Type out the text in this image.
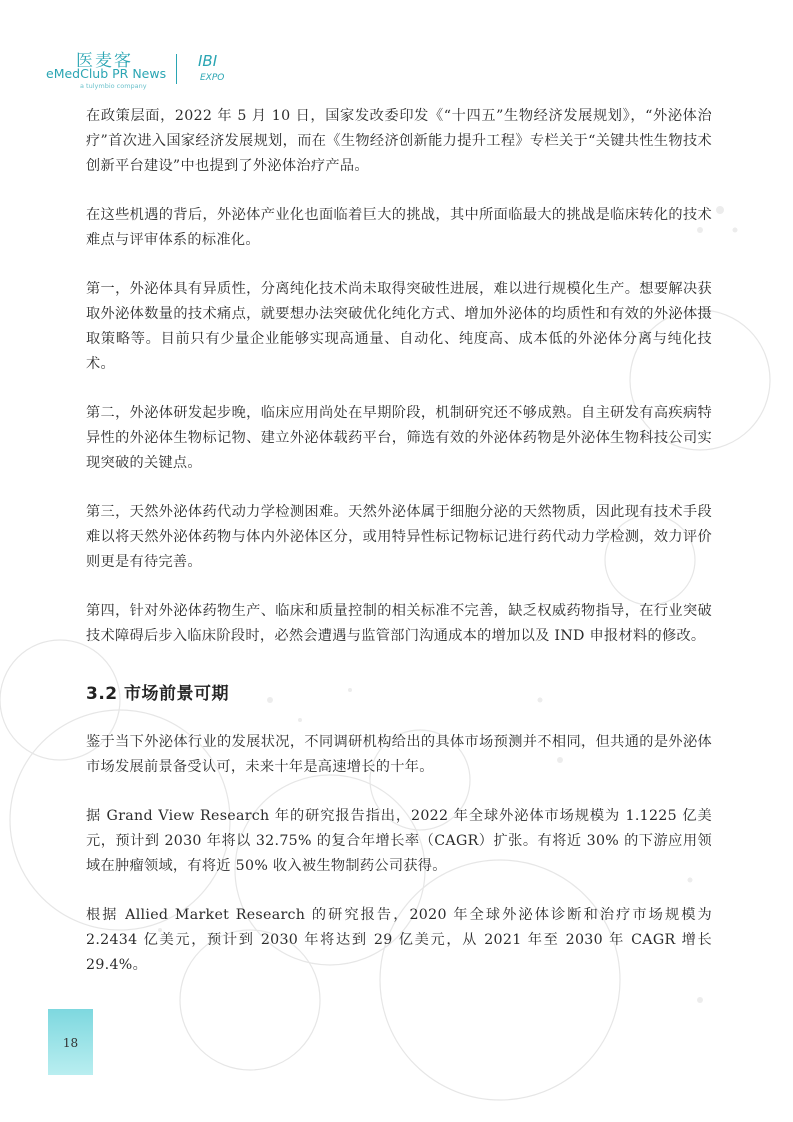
医麦客
eMedClub PR News
a tulymbio company
IBI
EXPO

在政策层面，2022 年 5 月 10 日，国家发改委印发《“十四五”生物经济发展规划》，“外泌体治疗”首次进入国家经济发展规划，而在《生物经济创新能力提升工程》专栏关于“关键共性生物技术创新平台建设”中也提到了外泌体治疗产品。

在这些机遇的背后，外泌体产业化也面临着巨大的挑战，其中所面临最大的挑战是临床转化的技术难点与评审体系的标准化。

第一，外泌体具有异质性，分离纯化技术尚未取得突破性进展，难以进行规模化生产。想要解决获取外泌体数量的技术痛点，就要想办法突破优化纯化方式、增加外泌体的均质性和有效的外泌体摄取策略等。目前只有少量企业能够实现高通量、自动化、纯度高、成本低的外泌体分离与纯化技术。

第二，外泌体研发起步晚，临床应用尚处在早期阶段，机制研究还不够成熟。自主研发有高疾病特异性的外泌体生物标记物、建立外泌体载药平台，筛选有效的外泌体药物是外泌体生物科技公司实现突破的关键点。

第三，天然外泌体药代动力学检测困难。天然外泌体属于细胞分泌的天然物质，因此现有技术手段难以将天然外泌体药物与体内外泌体区分，或用特异性标记物标记进行药代动力学检测，效力评价则更是有待完善。

第四，针对外泌体药物生产、临床和质量控制的相关标准不完善，缺乏权威药物指导，在行业突破技术障碍后步入临床阶段时，必然会遭遇与监管部门沟通成本的增加以及 IND 申报材料的修改。

3.2 市场前景可期

鉴于当下外泌体行业的发展状况，不同调研机构给出的具体市场预测并不相同，但共通的是外泌体市场发展前景备受认可，未来十年是高速增长的十年。

据 Grand View Research 年的研究报告指出，2022 年全球外泌体市场规模为 1.1225 亿美元，预计到 2030 年将以 32.75% 的复合年增长率（CAGR）扩张。有将近 30% 的下游应用领域在肿瘤领域，有将近 50% 收入被生物制药公司获得。

根据 Allied Market Research 的研究报告，2020 年全球外泌体诊断和治疗市场规模为 2.2434 亿美元，预计到 2030 年将达到 29 亿美元，从 2021 年至 2030 年 CAGR 增长 29.4%。

18
